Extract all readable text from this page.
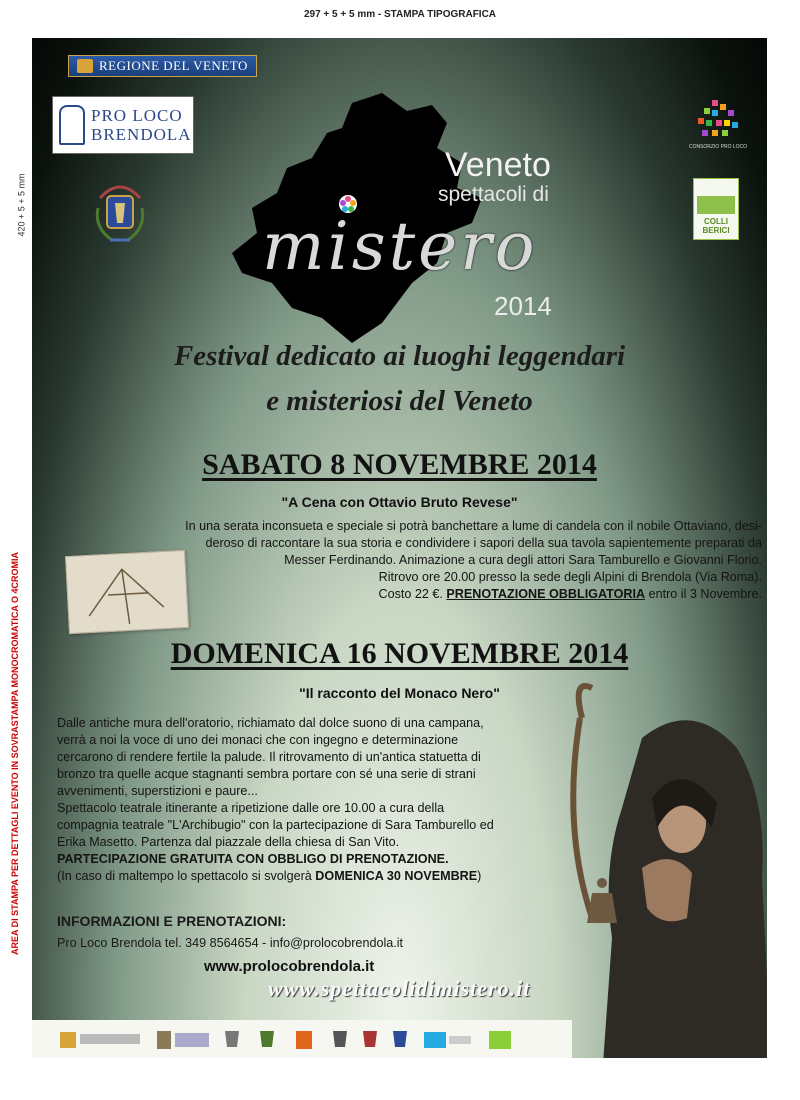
297 + 5 + 5 mm - STAMPA TIPOGRAFICA
420 + 5 + 5 mm
AREA DI STAMPA PER DETTAGLI EVENTO IN SOVRASTAMPA MONOCROMATICA O 4CROMIA
REGIONE DEL VENETO
PRO LOCO
BRENDOLA
CONSORZIO PRO LOCO
COLLI
BERICI
Veneto
spettacoli di
mistero
2014
Festival dedicato ai luoghi leggendari
e misteriosi del Veneto
SABATO 8 NOVEMBRE 2014
"A Cena con Ottavio Bruto Revese"
In una serata inconsueta e speciale si potrà banchettare a lume di candela con il nobile Ottaviano, desi-
deroso di raccontare la sua storia e condividere i sapori della sua tavola sapientemente preparati da
Messer Ferdinando. Animazione a cura degli attori Sara Tamburello e Giovanni Florio.
Ritrovo ore 20.00 presso la sede degli Alpini di Brendola (Via Roma).
Costo 22 €. PRENOTAZIONE OBBLIGATORIA entro il 3 Novembre.
DOMENICA 16 NOVEMBRE 2014
"Il racconto del Monaco Nero"
Dalle antiche mura dell'oratorio, richiamato dal dolce suono di una campana,
verrà a noi la voce di uno dei monaci che con ingegno e determinazione
cercarono di rendere fertile la palude. Il ritrovamento di un'antica statuetta di
bronzo tra quelle acque stagnanti sembra portare con sé una serie di strani
avvenimenti, superstizioni e paure...
Spettacolo teatrale itinerante a ripetizione dalle ore 10.00 a cura della
compagnia teatrale "L'Archibugio" con la partecipazione di Sara Tamburello ed
Erika Masetto. Partenza dal piazzale della chiesa di San Vito.
PARTECIPAZIONE GRATUITA CON OBBLIGO DI PRENOTAZIONE.
(In caso di maltempo lo spettacolo si svolgerà DOMENICA 30 NOVEMBRE)
INFORMAZIONI E PRENOTAZIONI:
Pro Loco Brendola tel. 349 8564654 - info@prolocobrendola.it
www.prolocobrendola.it
www.spettacolidimistero.it
